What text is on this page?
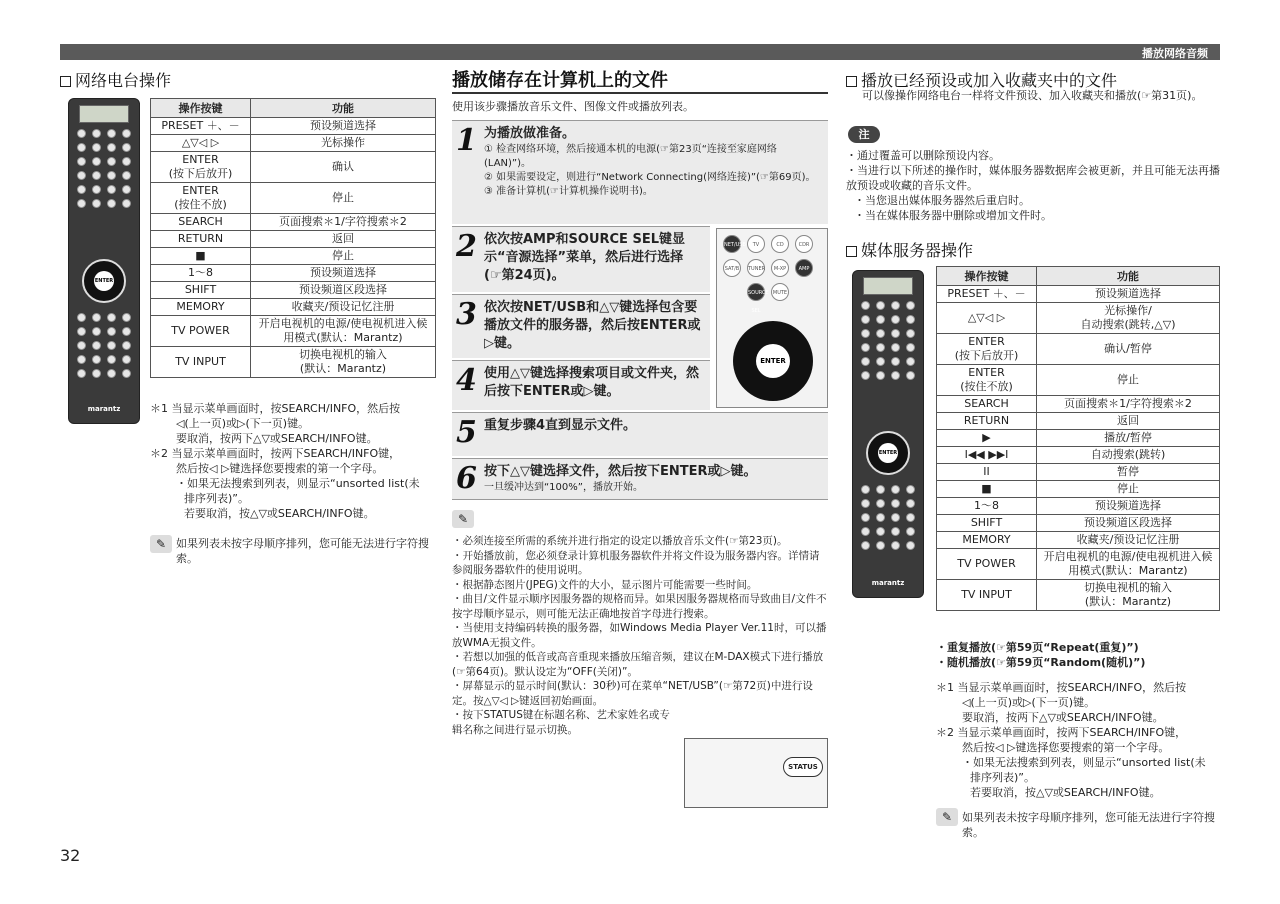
播放网络音频
网络电台操作
ENTER
marantz
操作按键	功能
PRESET ＋、－	预设频道选择
△▽◁ ▷	光标操作
ENTER
(按下后放开)	确认
ENTER
(按住不放)	停止
SEARCH	页面搜索＊1/字符搜索＊2
RETURN	返回
■	停止
1～8	预设频道选择
SHIFT	预设频道区段选择
MEMORY	收藏夹/预设记忆注册
TV POWER	开启电视机的电源/使电视机进入候用模式(默认：Marantz)
TV INPUT	切换电视机的输入
(默认：Marantz)

＊1 当显示菜单画面时，按SEARCH/INFO，然后按

◁(上一页)或▷(下一页)键。

要取消，按两下△▽或SEARCH/INFO键。

＊2 当显示菜单画面时，按两下SEARCH/INFO键，

然后按◁ ▷键选择您要搜索的第一个字母。

・如果无法搜索到列表，则显示“unsorted list(未

排序列表)”。

若要取消，按△▽或SEARCH/INFO键。

✎ 如果列表未按字母顺序排列，您可能无法进行字符搜索。
播放储存在计算机上的文件
使用该步骤播放音乐文件、图像文件或播放列表。
1 为播放做准备。
① 检查网络环境，然后接通本机的电源(☞第23页“连接至家庭网络(LAN)”)。
② 如果需要设定，则进行“Network Connecting(网络连接)”(☞第69页)。
③ 准备计算机(☞计算机操作说明书)。
2 依次按AMP和SOURCE SEL键显示“音源选择”菜单，然后进行选择 (☞第24页)。
3 依次按NET/USB和△▽键选择包含要播放文件的服务器，然后按ENTER或▷键。
4 使用△▽键选择搜索项目或文件夹，然后按下ENTER或▷键。
NET/USB	TV	CD	CDR
SAT/B	TUNER	M-XP	AMP
SOURCE SEL
MUTE
ENTER
5 重复步骤4直到显示文件。
6 按下△▽键选择文件，然后按下ENTER或▷键。
一旦缓冲达到“100%”，播放开始。
✎

・必须连接至所需的系统并进行指定的设定以播放音乐文件(☞第23页)。

・开始播放前，您必须登录计算机服务器软件并将文件设为服务器内容。详情请参阅服务器软件的使用说明。

・根据静态图片(JPEG)文件的大小，显示图片可能需要一些时间。

・曲目/文件显示顺序因服务器的规格而异。如果因服务器规格而导致曲目/文件不按字母顺序显示，则可能无法正确地按首字母进行搜索。

・当使用支持编码转换的服务器，如Windows Media Player Ver.11时，可以播放WMA无损文件。

・若想以加强的低音或高音重现来播放压缩音频，建议在M-DAX模式下进行播放(☞第64页)。默认设定为“OFF(关闭)”。

・屏幕显示的显示时间(默认：30秒)可在菜单“NET/USB”(☞第72页)中进行设定。按△▽◁ ▷键返回初始画面。

・按下STATUS键在标题名称、艺术家姓名或专辑名称之间进行显示切换。

STATUS
播放已经预设或加入收藏夹中的文件
可以像操作网络电台一样将文件预设、加入收藏夹和播放(☞第31页)。
注

・通过覆盖可以删除预设内容。

・当进行以下所述的操作时，媒体服务器数据库会被更新，并且可能无法再播放预设或收藏的音乐文件。

・当您退出媒体服务器然后重启时。

・当在媒体服务器中删除或增加文件时。

媒体服务器操作
ENTER
marantz
操作按键	功能
PRESET ＋、－	预设频道选择
△▽◁ ▷	光标操作/
自动搜索(跳转,△▽)
ENTER
(按下后放开)	确认/暂停
ENTER
(按住不放)	停止
SEARCH	页面搜索＊1/字符搜索＊2
RETURN	返回
▶	播放/暂停
I◀◀ ▶▶I	自动搜索(跳转)
II	暂停
■	停止
1～8	预设频道选择
SHIFT	预设频道区段选择
MEMORY	收藏夹/预设记忆注册
TV POWER	开启电视机的电源/使电视机进入候用模式(默认：Marantz)
TV INPUT	切换电视机的输入
(默认：Marantz)

・重复播放(☞第59页“Repeat(重复)”)

・随机播放(☞第59页“Random(随机)”)

＊1 当显示菜单画面时，按SEARCH/INFO，然后按

◁(上一页)或▷(下一页)键。

要取消，按两下△▽或SEARCH/INFO键。

＊2 当显示菜单画面时，按两下SEARCH/INFO键，

然后按◁ ▷键选择您要搜索的第一个字母。

・如果无法搜索到列表，则显示“unsorted list(未

排序列表)”。

若要取消，按△▽或SEARCH/INFO键。

✎ 如果列表未按字母顺序排列，您可能无法进行字符搜索。
32
